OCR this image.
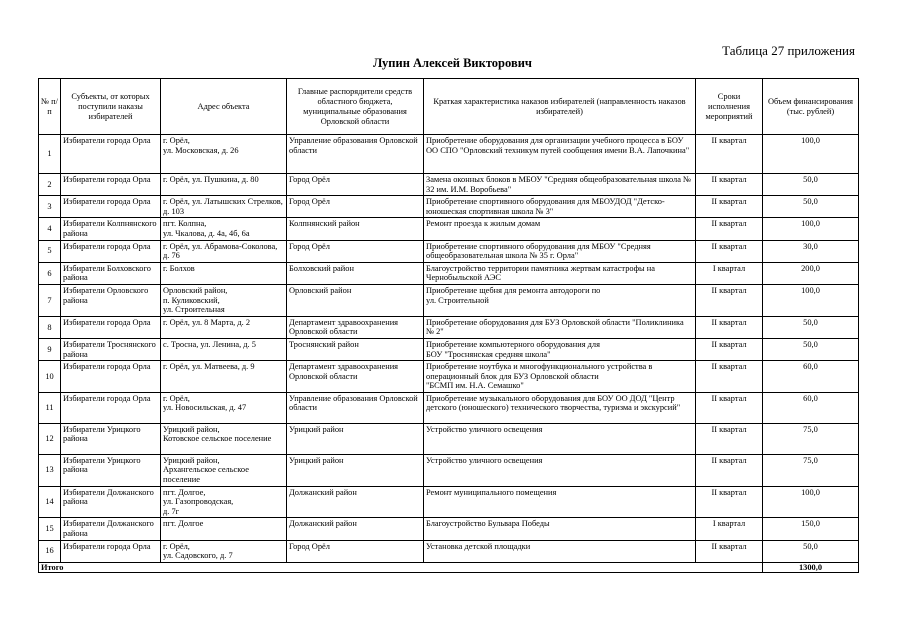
Таблица 27 приложения
Лупин Алексей Викторович
№ п/п	Субъекты, от которых поступили наказы избирателей	Адрес объекта	Главные распорядители средств областного бюджета, муниципальные образования Орловской области	Краткая характеристика наказов избирателей (направленность наказов избирателей)	Сроки исполнения мероприятий	Объем финансирования (тыс. рублей)
1	Избиратели города Орла	г. Орёл,
ул. Московская, д. 26	Управление образования Орловской области	Приобретение оборудования для организации учебного процесса в БОУ ОО СПО "Орловский техникум путей сообщения имени В.А. Лапочкина"	II квартал	100,0
2	Избиратели города Орла	г. Орёл, ул. Пушкина, д. 80	Город Орёл	Замена оконных блоков в МБОУ "Средняя общеобразовательная школа № 32 им. И.М. Воробьева"	II квартал	50,0
3	Избиратели города Орла	г. Орёл, ул. Латышских Стрелков, д. 103	Город Орёл	Приобретение спортивного оборудования для МБОУДОД "Детско-юношеская спортивная школа № 3"	II квартал	50,0
4	Избиратели Колпнянского района	пгт. Колпна,
ул. Чкалова, д. 4а, 4б, 6а	Колпнянский район	Ремонт проезда к жилым домам	II квартал	100,0
5	Избиратели города Орла	г. Орёл, ул. Абрамова-Соколова, д. 76	Город Орёл	Приобретение спортивного оборудования для МБОУ "Средняя общеобразовательная школа № 35 г. Орла"	II квартал	30,0
6	Избиратели Болховского района	г. Болхов	Болховский район	Благоустройство территории памятника жертвам катастрофы на Чернобыльской АЭС	I квартал	200,0
7	Избиратели Орловского района	Орловский район,
п. Куликовский,
ул. Строительная	Орловский район	Приобретение щебня для ремонта автодороги по
ул. Строительной	II квартал	100,0
8	Избиратели города Орла	г. Орёл, ул. 8 Марта, д. 2	Департамент здравоохранения Орловской области	Приобретение оборудования для БУЗ Орловской области "Поликлиника № 2"	II квартал	50,0
9	Избиратели Троснянского района	с. Тросна, ул. Ленина, д. 5	Троснянский район	Приобретение компьютерного оборудования для
БОУ "Троснянская средняя школа"	II квартал	50,0
10	Избиратели города Орла	г. Орёл, ул. Матвеева, д. 9	Департамент здравоохранения Орловской области	Приобретение ноутбука и многофункционального устройства в операционный блок для БУЗ Орловской области
"БСМП им. Н.А. Семашко"	II квартал	60,0
11	Избиратели города Орла	г. Орёл,
ул. Новосильская, д. 47	Управление образования Орловской области	Приобретение музыкального оборудования для БОУ ОО ДОД "Центр детского (юношеского) технического творчества, туризма и экскурсий"	II квартал	60,0
12	Избиратели Урицкого района	Урицкий район,
Котовское сельское поселение	Урицкий район	Устройство уличного освещения	II квартал	75,0
13	Избиратели Урицкого района	Урицкий район,
Архангельское сельское поселение	Урицкий район	Устройство уличного освещения	II квартал	75,0
14	Избиратели Должанского района	пгт. Долгое,
ул. Газопроводская,
д. 7г	Должанский район	Ремонт муниципального помещения	II квартал	100,0
15	Избиратели Должанского района	пгт. Долгое	Должанский район	Благоустройство Бульвара Победы	I квартал	150,0
16	Избиратели города Орла	г. Орёл,
ул. Садовского, д. 7	Город Орёл	Установка детской площадки	II квартал	50,0
Итого						1300,0
